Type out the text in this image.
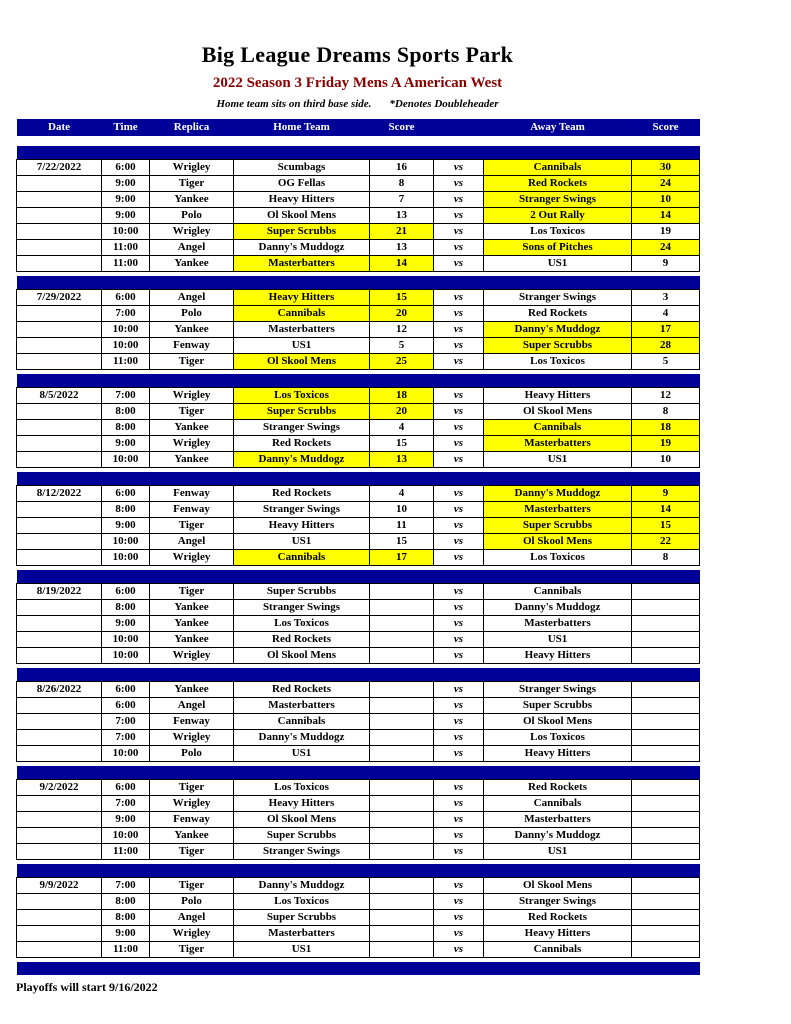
Big League Dreams Sports Park
2022 Season 3 Friday Mens A American West
Home team sits on third base side. *Denotes Doubleheader
Date	Time	Replica	Home Team	Score		Away Team	Score

7/22/2022	6:00	Wrigley	Scumbags	16	vs	Cannibals	30
	9:00	Tiger	OG Fellas	8	vs	Red Rockets	24
	9:00	Yankee	Heavy Hitters	7	vs	Stranger Swings	10
	9:00	Polo	Ol Skool Mens	13	vs	2 Out Rally	14
	10:00	Wrigley	Super Scrubbs	21	vs	Los Toxicos	19
	11:00	Angel	Danny's Muddogz	13	vs	Sons of Pitches	24
	11:00	Yankee	Masterbatters	14	vs	US1	9

7/29/2022	6:00	Angel	Heavy Hitters	15	vs	Stranger Swings	3
	7:00	Polo	Cannibals	20	vs	Red Rockets	4
	10:00	Yankee	Masterbatters	12	vs	Danny's Muddogz	17
	10:00	Fenway	US1	5	vs	Super Scrubbs	28
	11:00	Tiger	Ol Skool Mens	25	vs	Los Toxicos	5

8/5/2022	7:00	Wrigley	Los Toxicos	18	vs	Heavy Hitters	12
	8:00	Tiger	Super Scrubbs	20	vs	Ol Skool Mens	8
	8:00	Yankee	Stranger Swings	4	vs	Cannibals	18
	9:00	Wrigley	Red Rockets	15	vs	Masterbatters	19
	10:00	Yankee	Danny's Muddogz	13	vs	US1	10

8/12/2022	6:00	Fenway	Red Rockets	4	vs	Danny's Muddogz	9
	8:00	Fenway	Stranger Swings	10	vs	Masterbatters	14
	9:00	Tiger	Heavy Hitters	11	vs	Super Scrubbs	15
	10:00	Angel	US1	15	vs	Ol Skool Mens	22
	10:00	Wrigley	Cannibals	17	vs	Los Toxicos	8

8/19/2022	6:00	Tiger	Super Scrubbs		vs	Cannibals	
	8:00	Yankee	Stranger Swings		vs	Danny's Muddogz	
	9:00	Yankee	Los Toxicos		vs	Masterbatters	
	10:00	Yankee	Red Rockets		vs	US1	
	10:00	Wrigley	Ol Skool Mens		vs	Heavy Hitters	

8/26/2022	6:00	Yankee	Red Rockets		vs	Stranger Swings	
	6:00	Angel	Masterbatters		vs	Super Scrubbs	
	7:00	Fenway	Cannibals		vs	Ol Skool Mens	
	7:00	Wrigley	Danny's Muddogz		vs	Los Toxicos	
	10:00	Polo	US1		vs	Heavy Hitters	

9/2/2022	6:00	Tiger	Los Toxicos		vs	Red Rockets	
	7:00	Wrigley	Heavy Hitters		vs	Cannibals	
	9:00	Fenway	Ol Skool Mens		vs	Masterbatters	
	10:00	Yankee	Super Scrubbs		vs	Danny's Muddogz	
	11:00	Tiger	Stranger Swings		vs	US1	

9/9/2022	7:00	Tiger	Danny's Muddogz		vs	Ol Skool Mens	
	8:00	Polo	Los Toxicos		vs	Stranger Swings	
	8:00	Angel	Super Scrubbs		vs	Red Rockets	
	9:00	Wrigley	Masterbatters		vs	Heavy Hitters	
	11:00	Tiger	US1		vs	Cannibals	

Playoffs will start 9/16/2022
